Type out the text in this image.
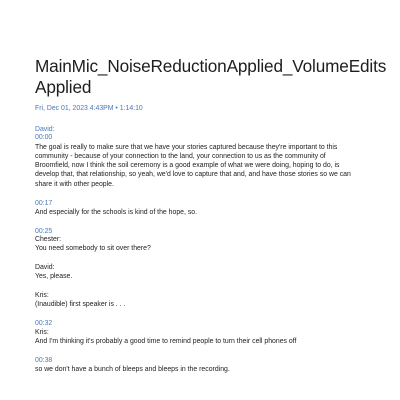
MainMic_NoiseReductionApplied_VolumeEdits
Applied
Fri, Dec 01, 2023 4:43PM • 1:14:10
David:
00:00
The goal is really to make sure that we have your stories captured because they're important to this
community - because of your connection to the land, your connection to us as the community of
Broomfield, now I think the soil ceremony is a good example of what we were doing, hoping to do, is
develop that, that relationship, so yeah, we'd love to capture that and, and have those stories so we can
share it with other people.
00:17
And especially for the schools is kind of the hope, so.
00:25
Chester:
You need somebody to sit over there?
David:
Yes, please.
Kris:
(Inaudible) first speaker is . . .
00:32
Kris:
And I'm thinking it's probably a good time to remind people to turn their cell phones off
00:38
so we don't have a bunch of bleeps and bleeps in the recording.
